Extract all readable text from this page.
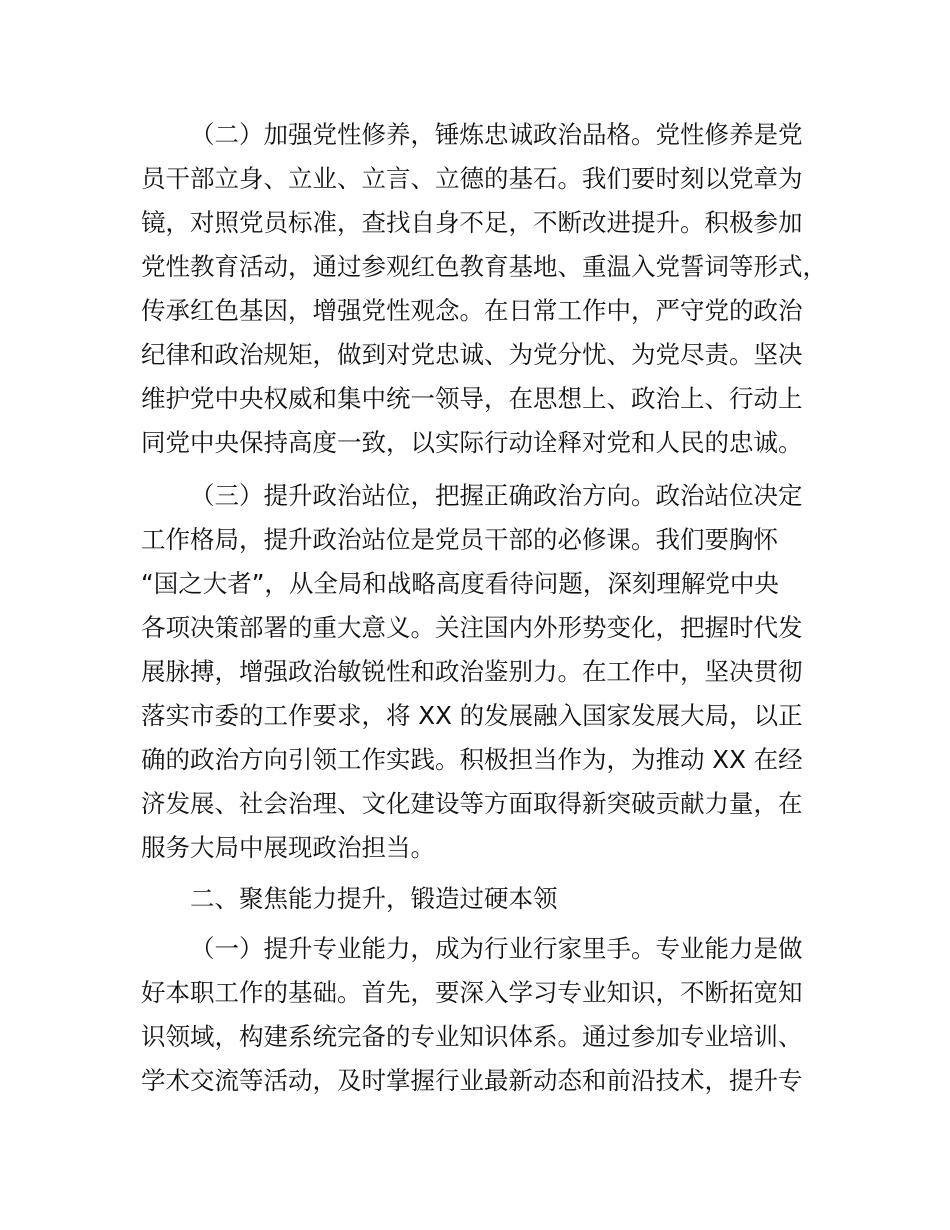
（二）加强党性修养，锤炼忠诚政治品格。党性修养是党
员干部立身、立业、立言、立德的基石。我们要时刻以党章为
镜，对照党员标准，查找自身不足，不断改进提升。积极参加
党性教育活动，通过参观红色教育基地、重温入党誓词等形式，
传承红色基因，增强党性观念。在日常工作中，严守党的政治
纪律和政治规矩，做到对党忠诚、为党分忧、为党尽责。坚决
维护党中央权威和集中统一领导，在思想上、政治上、行动上
同党中央保持高度一致，以实际行动诠释对党和人民的忠诚。
（三）提升政治站位，把握正确政治方向。政治站位决定
工作格局，提升政治站位是党员干部的必修课。我们要胸怀
“国之大者”，从全局和战略高度看待问题，深刻理解党中央
各项决策部署的重大意义。关注国内外形势变化，把握时代发
展脉搏，增强政治敏锐性和政治鉴别力。在工作中，坚决贯彻
落实市委的工作要求，将 XX 的发展融入国家发展大局，以正
确的政治方向引领工作实践。积极担当作为，为推动 XX 在经
济发展、社会治理、文化建设等方面取得新突破贡献力量，在
服务大局中展现政治担当。
二、聚焦能力提升，锻造过硬本领
（一）提升专业能力，成为行业行家里手。专业能力是做
好本职工作的基础。首先，要深入学习专业知识，不断拓宽知
识领域，构建系统完备的专业知识体系。通过参加专业培训、
学术交流等活动，及时掌握行业最新动态和前沿技术，提升专
